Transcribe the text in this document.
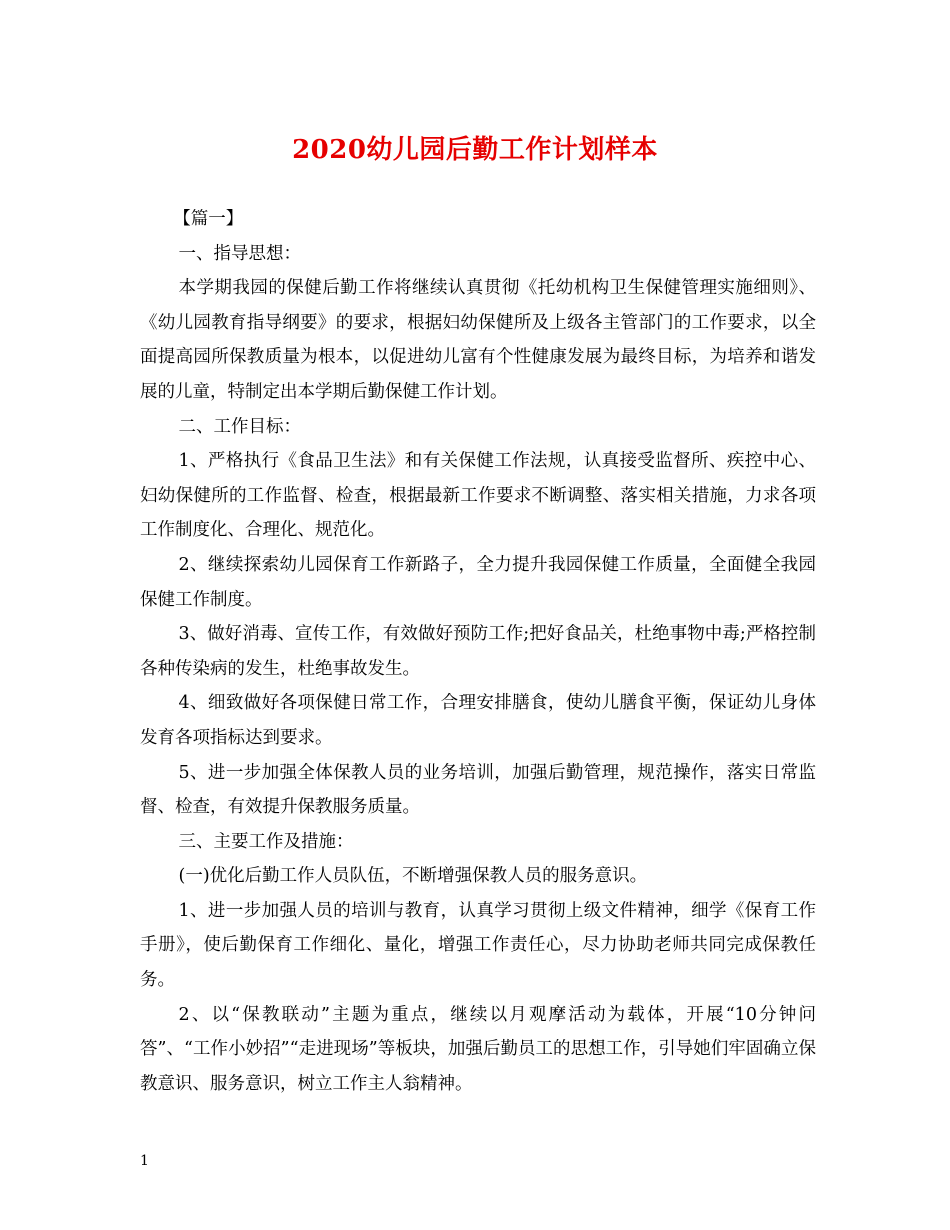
2020幼儿园后勤工作计划样本

【篇一】

一、指导思想：

本学期我园的保健后勤工作将继续认真贯彻《托幼机构卫生保健管理实施细则》、《幼儿园教育指导纲要》的要求，根据妇幼保健所及上级各主管部门的工作要求，以全面提高园所保教质量为根本，以促进幼儿富有个性健康发展为最终目标，为培养和谐发展的儿童，特制定出本学期后勤保健工作计划。

二、工作目标：

1、严格执行《食品卫生法》和有关保健工作法规，认真接受监督所、疾控中心、妇幼保健所的工作监督、检查，根据最新工作要求不断调整、落实相关措施，力求各项工作制度化、合理化、规范化。

2、继续探索幼儿园保育工作新路子，全力提升我园保健工作质量，全面健全我园保健工作制度。

3、做好消毒、宣传工作，有效做好预防工作;把好食品关，杜绝事物中毒;严格控制各种传染病的发生，杜绝事故发生。

4、细致做好各项保健日常工作，合理安排膳食，使幼儿膳食平衡，保证幼儿身体发育各项指标达到要求。

5、进一步加强全体保教人员的业务培训，加强后勤管理，规范操作，落实日常监督、检查，有效提升保教服务质量。

三、主要工作及措施：

(一)优化后勤工作人员队伍，不断增强保教人员的服务意识。

1、进一步加强人员的培训与教育，认真学习贯彻上级文件精神，细学《保育工作手册》，使后勤保育工作细化、量化，增强工作责任心，尽力协助老师共同完成保教任务。

2、以“保教联动”主题为重点，继续以月观摩活动为载体，开展“10分钟问答”、“工作小妙招”“走进现场”等板块，加强后勤员工的思想工作，引导她们牢固确立保教意识、服务意识，树立工作主人翁精神。

1
